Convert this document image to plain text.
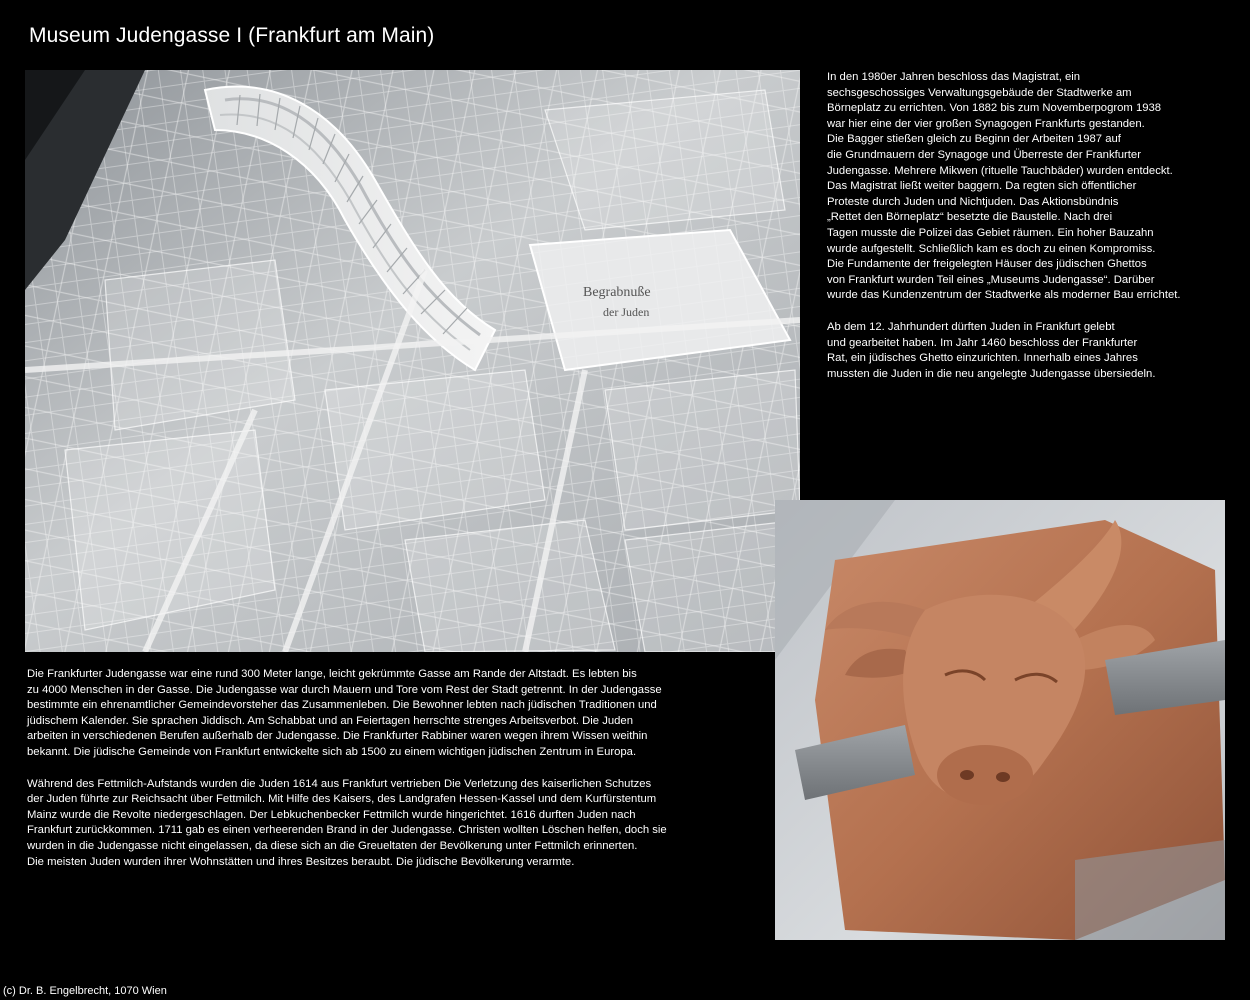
Museum Judengasse I (Frankfurt am Main)
Begrabnuße
der Juden

In den 1980er Jahren beschloss das Magistrat, ein
sechsgeschossiges Verwaltungsgebäude der Stadtwerke am
Börneplatz zu errichten. Von 1882 bis zum Novemberpogrom 1938
war hier eine der vier großen Synagogen Frankfurts gestanden.
Die Bagger stießen gleich zu Beginn der Arbeiten 1987 auf
die Grundmauern der Synagoge und Überreste der Frankfurter
Judengasse. Mehrere Mikwen (rituelle Tauchbäder) wurden entdeckt.
Das Magistrat ließt weiter baggern. Da regten sich öffentlicher
Proteste durch Juden und Nichtjuden. Das Aktionsbündnis
„Rettet den Börneplatz“ besetzte die Baustelle. Nach drei
Tagen musste die Polizei das Gebiet räumen. Ein hoher Bauzahn
wurde aufgestellt. Schließlich kam es doch zu einen Kompromiss.
Die Fundamente der freigelegten Häuser des jüdischen Ghettos
von Frankfurt wurden Teil eines „Museums Judengasse“. Darüber
wurde das Kundenzentrum der Stadtwerke als moderner Bau errichtet.

Ab dem 12. Jahrhundert dürften Juden in Frankfurt gelebt
und gearbeitet haben. Im Jahr 1460 beschloss der Frankfurter
Rat, ein jüdisches Ghetto einzurichten. Innerhalb eines Jahres
mussten die Juden in die neu angelegte Judengasse übersiedeln.

Die Frankfurter Judengasse war eine rund 300 Meter lange, leicht gekrümmte Gasse am Rande der Altstadt. Es lebten bis
zu 4000 Menschen in der Gasse. Die Judengasse war durch Mauern und Tore vom Rest der Stadt getrennt. In der Judengasse
bestimmte ein ehrenamtlicher Gemeindevorsteher das Zusammenleben. Die Bewohner lebten nach jüdischen Traditionen und
jüdischem Kalender. Sie sprachen Jiddisch. Am Schabbat und an Feiertagen herrschte strenges Arbeitsverbot. Die Juden
arbeiten in verschiedenen Berufen außerhalb der Judengasse. Die Frankfurter Rabbiner waren wegen ihrem Wissen weithin
bekannt. Die jüdische Gemeinde von Frankfurt entwickelte sich ab 1500 zu einem wichtigen jüdischen Zentrum in Europa.

Während des Fettmilch-Aufstands wurden die Juden 1614 aus Frankfurt vertrieben Die Verletzung des kaiserlichen Schutzes
der Juden führte zur Reichsacht über Fettmilch. Mit Hilfe des Kaisers, des Landgrafen Hessen-Kassel und dem Kurfürstentum
Mainz wurde die Revolte niedergeschlagen. Der Lebkuchenbecker Fettmilch wurde hingerichtet. 1616 durften Juden nach
Frankfurt zurückkommen. 1711 gab es einen verheerenden Brand in der Judengasse. Christen wollten Löschen helfen, doch sie
wurden in die Judengasse nicht eingelassen, da diese sich an die Greueltaten der Bevölkerung unter Fettmilch erinnerten.
Die meisten Juden wurden ihrer Wohnstätten und ihres Besitzes beraubt. Die jüdische Bevölkerung verarmte.

(c) Dr. B. Engelbrecht, 1070 Wien
